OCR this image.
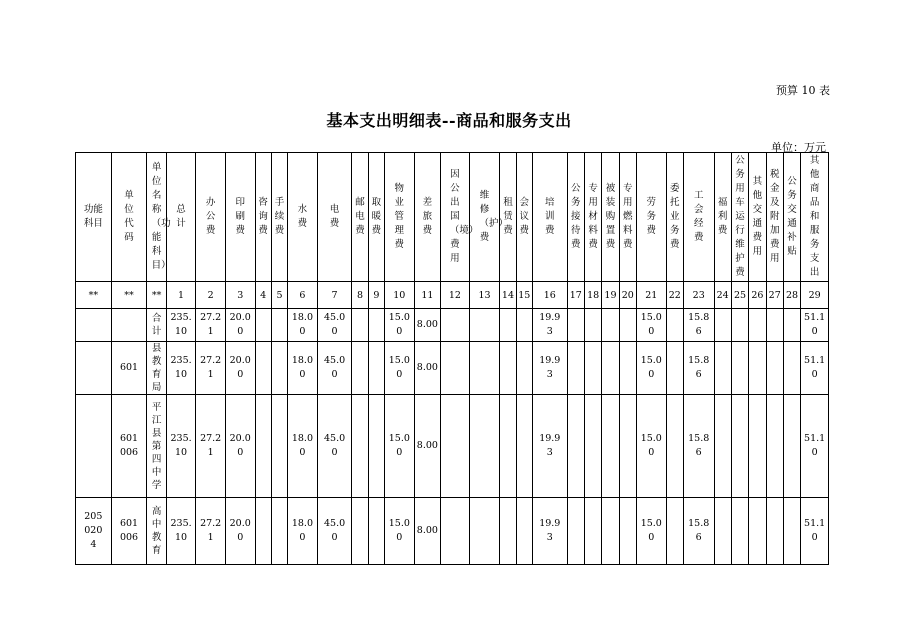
预算 10 表
基本支出明细表--商品和服务支出
单位：万元
功能科目	单位代码	单位名称（功能科目）	总计	办公费	印刷费	咨询费	手续费	水费	电费	邮电费	取暖费	物业管理费	差旅费	因公出国（境）费用	维修（护）费	租赁费	会议费	培训费	公务接待费	专用材料费	被装购置费	专用燃料费	劳务费	委托业务费	工会经费	福利费	公务用车运行维护费	其他交通费用	税金及附加费用	公务交通补贴	其他商品和服务支出

**	**	**	1	2	3	4	5	6	7	8	9	10	11	12	13	14	15	16	17	18	19	20	21	22	23	24	25	26	27	28	29
		合计	235.10	27.21	20.00			18.00	45.00			15.00	8.00					19.93					15.00		15.86						51.10
	601	县教育局	235.10	27.21	20.00			18.00	45.00			15.00	8.00					19.93					15.00		15.86						51.10
	601006	平江县第四中学	235.10	27.21	20.00			18.00	45.00			15.00	8.00					19.93					15.00		15.86						51.10
2050204	601006	高中教育	235.10	27.21	20.00			18.00	45.00			15.00	8.00					19.93					15.00		15.86						51.10
